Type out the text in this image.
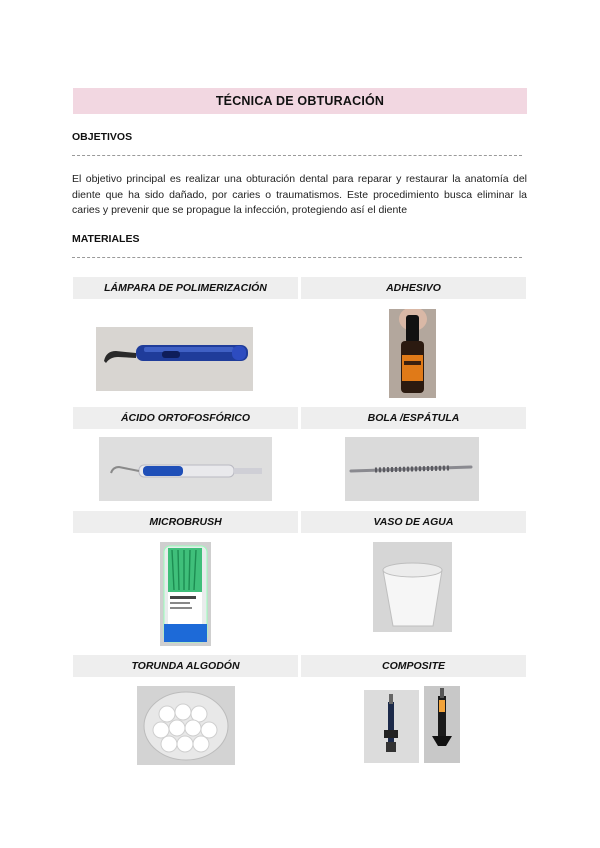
TÉCNICA DE OBTURACIÓN
OBJETIVOS
El objetivo principal es realizar una obturación dental para reparar y restaurar la anatomía del diente que ha sido dañado, por caries o traumatismos. Este procedimiento busca eliminar la caries y prevenir que se propague la infección, protegiendo así el diente
MATERIALES
LÁMPARA DE POLIMERIZACIÓN	ADHESIVO
ÁCIDO ORTOFOSFÓRICO	BOLA /ESPÁTULA
MICROBRUSH	VASO DE AGUA
TORUNDA ALGODÓN	COMPOSITE
